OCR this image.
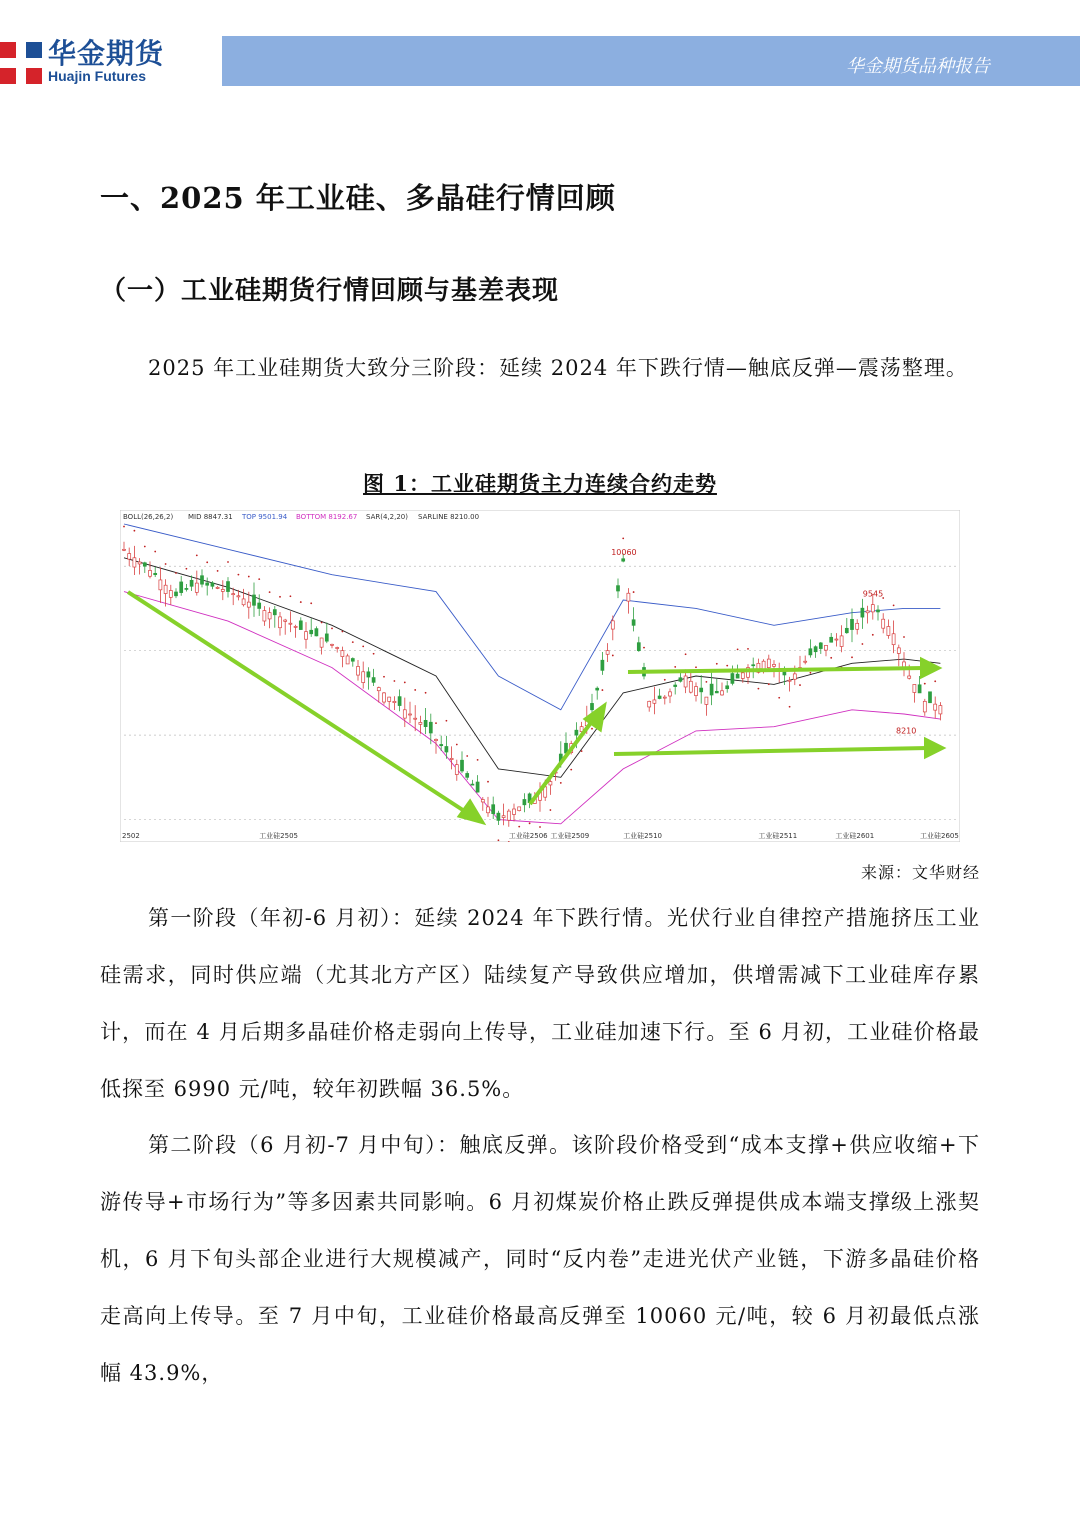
华金期货
Huajin Futures	华金期货品种报告
一、2025 年工业硅、多晶硅行情回顾
（一）工业硅期货行情回顾与基差表现

2025 年工业硅期货大致分三阶段：延续 2024 年下跌行情—触底反弹—震荡整理。

图 1：工业硅期货主力连续合约走势
BOLL(26,26,2) MID 8847.31 TOP 9501.94 BOTTOM 8192.67 SAR(4,2,20) SARLINE 8210.00
10060
9545
8210
2502	工业硅2505	工业硅2506 工业硅2509	工业硅2510	工业硅2511	工业硅2601	工业硅2605
来源：文华财经

第一阶段（年初-6 月初）：延续 2024 年下跌行情。光伏行业自律控产措施挤压工业硅需求，同时供应端（尤其北方产区）陆续复产导致供应增加，供增需减下工业硅库存累计，而在 4 月后期多晶硅价格走弱向上传导，工业硅加速下行。至 6 月初，工业硅价格最低探至 6990 元/吨，较年初跌幅 36.5%。

第二阶段（6 月初-7 月中旬）：触底反弹。该阶段价格受到“成本支撑+供应收缩+下游传导+市场行为”等多因素共同影响。6 月初煤炭价格止跌反弹提供成本端支撑级上涨契机，6 月下旬头部企业进行大规模减产，同时“反内卷”走进光伏产业链，下游多晶硅价格走高向上传导。至 7 月中旬，工业硅价格最高反弹至 10060 元/吨，较 6 月初最低点涨幅 43.9%，
